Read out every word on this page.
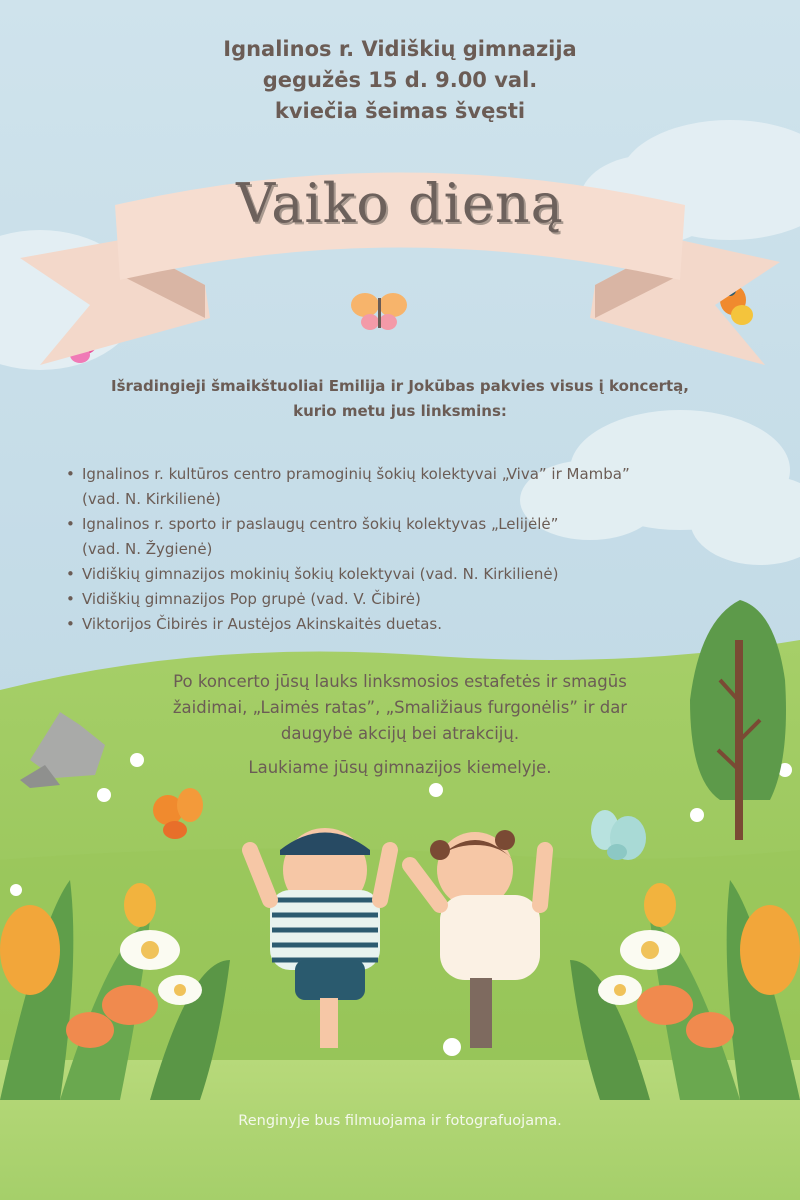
Ignalinos r. Vidiškių gimnazija
gegužės 15 d. 9.00 val.
kviečia šeimas švęsti
Vaiko dieną
Išradingieji šmaikštuoliai Emilija ir Jokūbas pakvies visus į koncertą,
kurio metu jus linksmins:
• Ignalinos r. kultūros centro pramoginių šokių kolektyvai „Viva” ir Mamba”
(vad. N. Kirkilienė)
• Ignalinos r. sporto ir paslaugų centro šokių kolektyvas „Lelijėlė”
(vad. N. Žygienė)
• Vidiškių gimnazijos mokinių šokių kolektyvai (vad. N. Kirkilienė)
• Vidiškių gimnazijos Pop grupė (vad. V. Čibirė)
• Viktorijos Čibirės ir Austėjos Akinskaitės duetas.
Po koncerto jūsų lauks linksmosios estafetės ir smagūs
žaidimai, „Laimės ratas”, „Smaližiaus furgonėlis” ir dar
daugybė akcijų bei atrakcijų.
Laukiame jūsų gimnazijos kiemelyje.
Renginyje bus filmuojama ir fotografuojama.
